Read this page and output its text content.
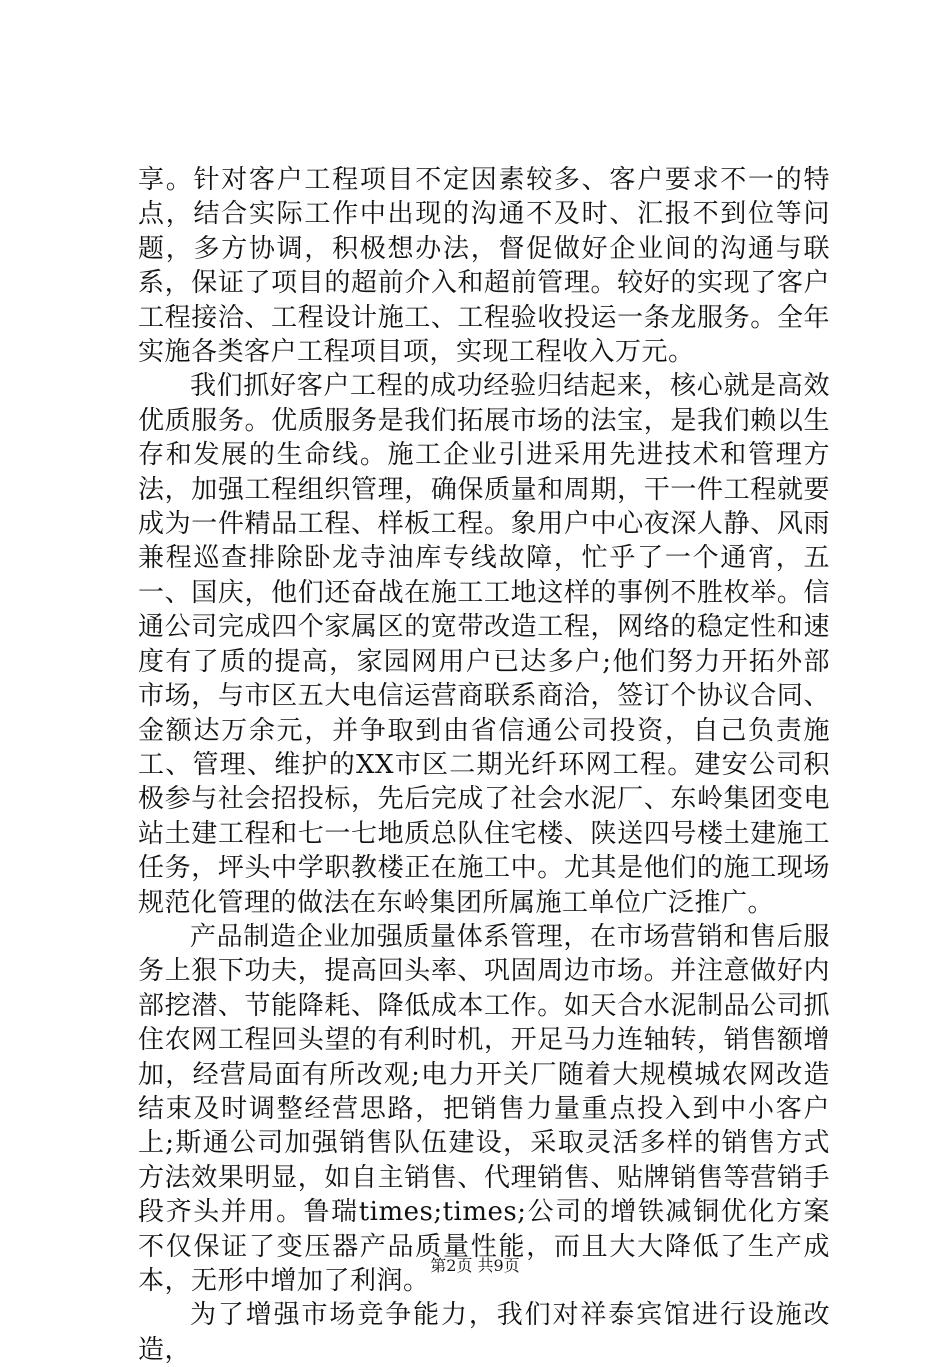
享。针对客户工程项目不定因素较多、客户要求不一的特点，结合实际工作中出现的沟通不及时、汇报不到位等问题，多方协调，积极想办法，督促做好企业间的沟通与联系，保证了项目的超前介入和超前管理。较好的实现了客户工程接洽、工程设计施工、工程验收投运一条龙服务。全年实施各类客户工程项目项，实现工程收入万元。

我们抓好客户工程的成功经验归结起来，核心就是高效优质服务。优质服务是我们拓展市场的法宝，是我们赖以生存和发展的生命线。施工企业引进采用先进技术和管理方法，加强工程组织管理，确保质量和周期，干一件工程就要成为一件精品工程、样板工程。象用户中心夜深人静、风雨兼程巡查排除卧龙寺油库专线故障，忙乎了一个通宵，五一、国庆，他们还奋战在施工工地这样的事例不胜枚举。信通公司完成四个家属区的宽带改造工程，网络的稳定性和速度有了质的提高，家园网用户已达多户;他们努力开拓外部市场，与市区五大电信运营商联系商洽，签订个协议合同、金额达万余元，并争取到由省信通公司投资，自己负责施工、管理、维护的XX市区二期光纤环网工程。建安公司积极参与社会招投标，先后完成了社会水泥厂、东岭集团变电站土建工程和七一七地质总队住宅楼、陕送四号楼土建施工任务，坪头中学职教楼正在施工中。尤其是他们的施工现场规范化管理的做法在东岭集团所属施工单位广泛推广。

产品制造企业加强质量体系管理，在市场营销和售后服务上狠下功夫，提高回头率、巩固周边市场。并注意做好内部挖潜、节能降耗、降低成本工作。如天合水泥制品公司抓住农网工程回头望的有利时机，开足马力连轴转，销售额增加，经营局面有所改观;电力开关厂随着大规模城农网改造结束及时调整经营思路，把销售力量重点投入到中小客户上;斯通公司加强销售队伍建设，采取灵活多样的销售方式方法效果明显，如自主销售、代理销售、贴牌销售等营销手段齐头并用。鲁瑞times;times;公司的增铁减铜优化方案不仅保证了变压器产品质量性能，而且大大降低了生产成本，无形中增加了利润。

为了增强市场竞争能力，我们对祥泰宾馆进行设施改造，

第2页 共9页
